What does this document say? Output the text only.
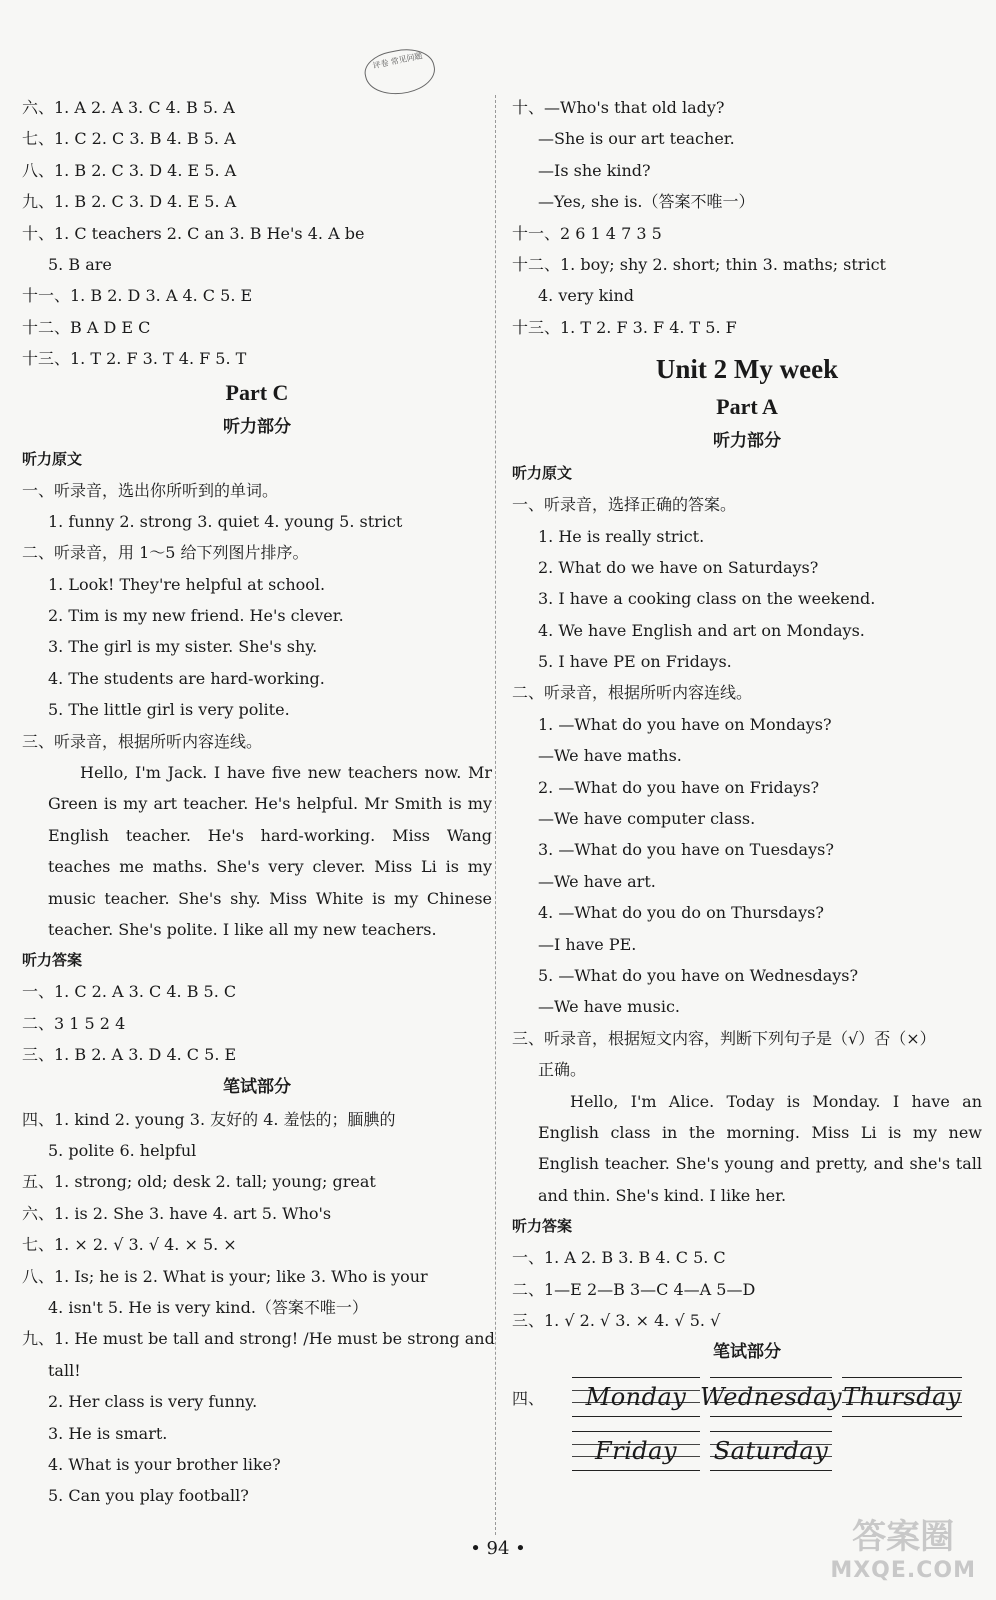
评卷 常见问题
六、1. A 2. A 3. C 4. B 5. A
七、1. C 2. C 3. B 4. B 5. A
八、1. B 2. C 3. D 4. E 5. A
九、1. B 2. C 3. D 4. E 5. A
十、1. C teachers 2. C an 3. B He's 4. A be
5. B are
十一、1. B 2. D 3. A 4. C 5. E
十二、B A D E C
十三、1. T 2. F 3. T 4. F 5. T
Part C
听力部分
听力原文
一、听录音，选出你所听到的单词。
1. funny 2. strong 3. quiet 4. young 5. strict
二、听录音，用 1～5 给下列图片排序。
1. Look! They're helpful at school.
2. Tim is my new friend. He's clever.
3. The girl is my sister. She's shy.
4. The students are hard-working.
5. The little girl is very polite.
三、听录音，根据所听内容连线。
Hello, I'm Jack. I have five new teachers now. Mr Green is my art teacher. He's helpful. Mr Smith is my English teacher. He's hard-working. Miss Wang teaches me maths. She's very clever. Miss Li is my music teacher. She's shy. Miss White is my Chinese teacher. She's polite. I like all my new teachers.
听力答案
一、1. C 2. A 3. C 4. B 5. C
二、3 1 5 2 4
三、1. B 2. A 3. D 4. C 5. E
笔试部分
四、1. kind 2. young 3. 友好的 4. 羞怯的；腼腆的
5. polite 6. helpful
五、1. strong; old; desk 2. tall; young; great
六、1. is 2. She 3. have 4. art 5. Who's
七、1. × 2. √ 3. √ 4. × 5. ×
八、1. Is; he is 2. What is your; like 3. Who is your
4. isn't 5. He is very kind.（答案不唯一）
九、1. He must be tall and strong! /He must be strong and
tall!
2. Her class is very funny.
3. He is smart.
4. What is your brother like?
5. Can you play football?
十、—Who's that old lady?
—She is our art teacher.
—Is she kind?
—Yes, she is.（答案不唯一）
十一、2 6 1 4 7 3 5
十二、1. boy; shy 2. short; thin 3. maths; strict
4. very kind
十三、1. T 2. F 3. F 4. T 5. F
Unit 2 My week
Part A
听力部分
听力原文
一、听录音，选择正确的答案。
1. He is really strict.
2. What do we have on Saturdays?
3. I have a cooking class on the weekend.
4. We have English and art on Mondays.
5. I have PE on Fridays.
二、听录音，根据所听内容连线。
1. —What do you have on Mondays?
—We have maths.
2. —What do you have on Fridays?
—We have computer class.
3. —What do you have on Tuesdays?
—We have art.
4. —What do you do on Thursdays?
—I have PE.
5. —What do you have on Wednesdays?
—We have music.
三、听录音，根据短文内容，判断下列句子是（√）否（×）
正确。
Hello, I'm Alice. Today is Monday. I have an English class in the morning. Miss Li is my new English teacher. She's young and pretty, and she's tall and thin. She's kind. I like her.
听力答案
一、1. A 2. B 3. B 4. C 5. C
二、1—E 2—B 3—C 4—A 5—D
三、1. √ 2. √ 3. × 4. √ 5. √
笔试部分
四、	Monday Wednesday Thursday
Friday Saturday
• 94 •	答案圈
MXQE.COM
